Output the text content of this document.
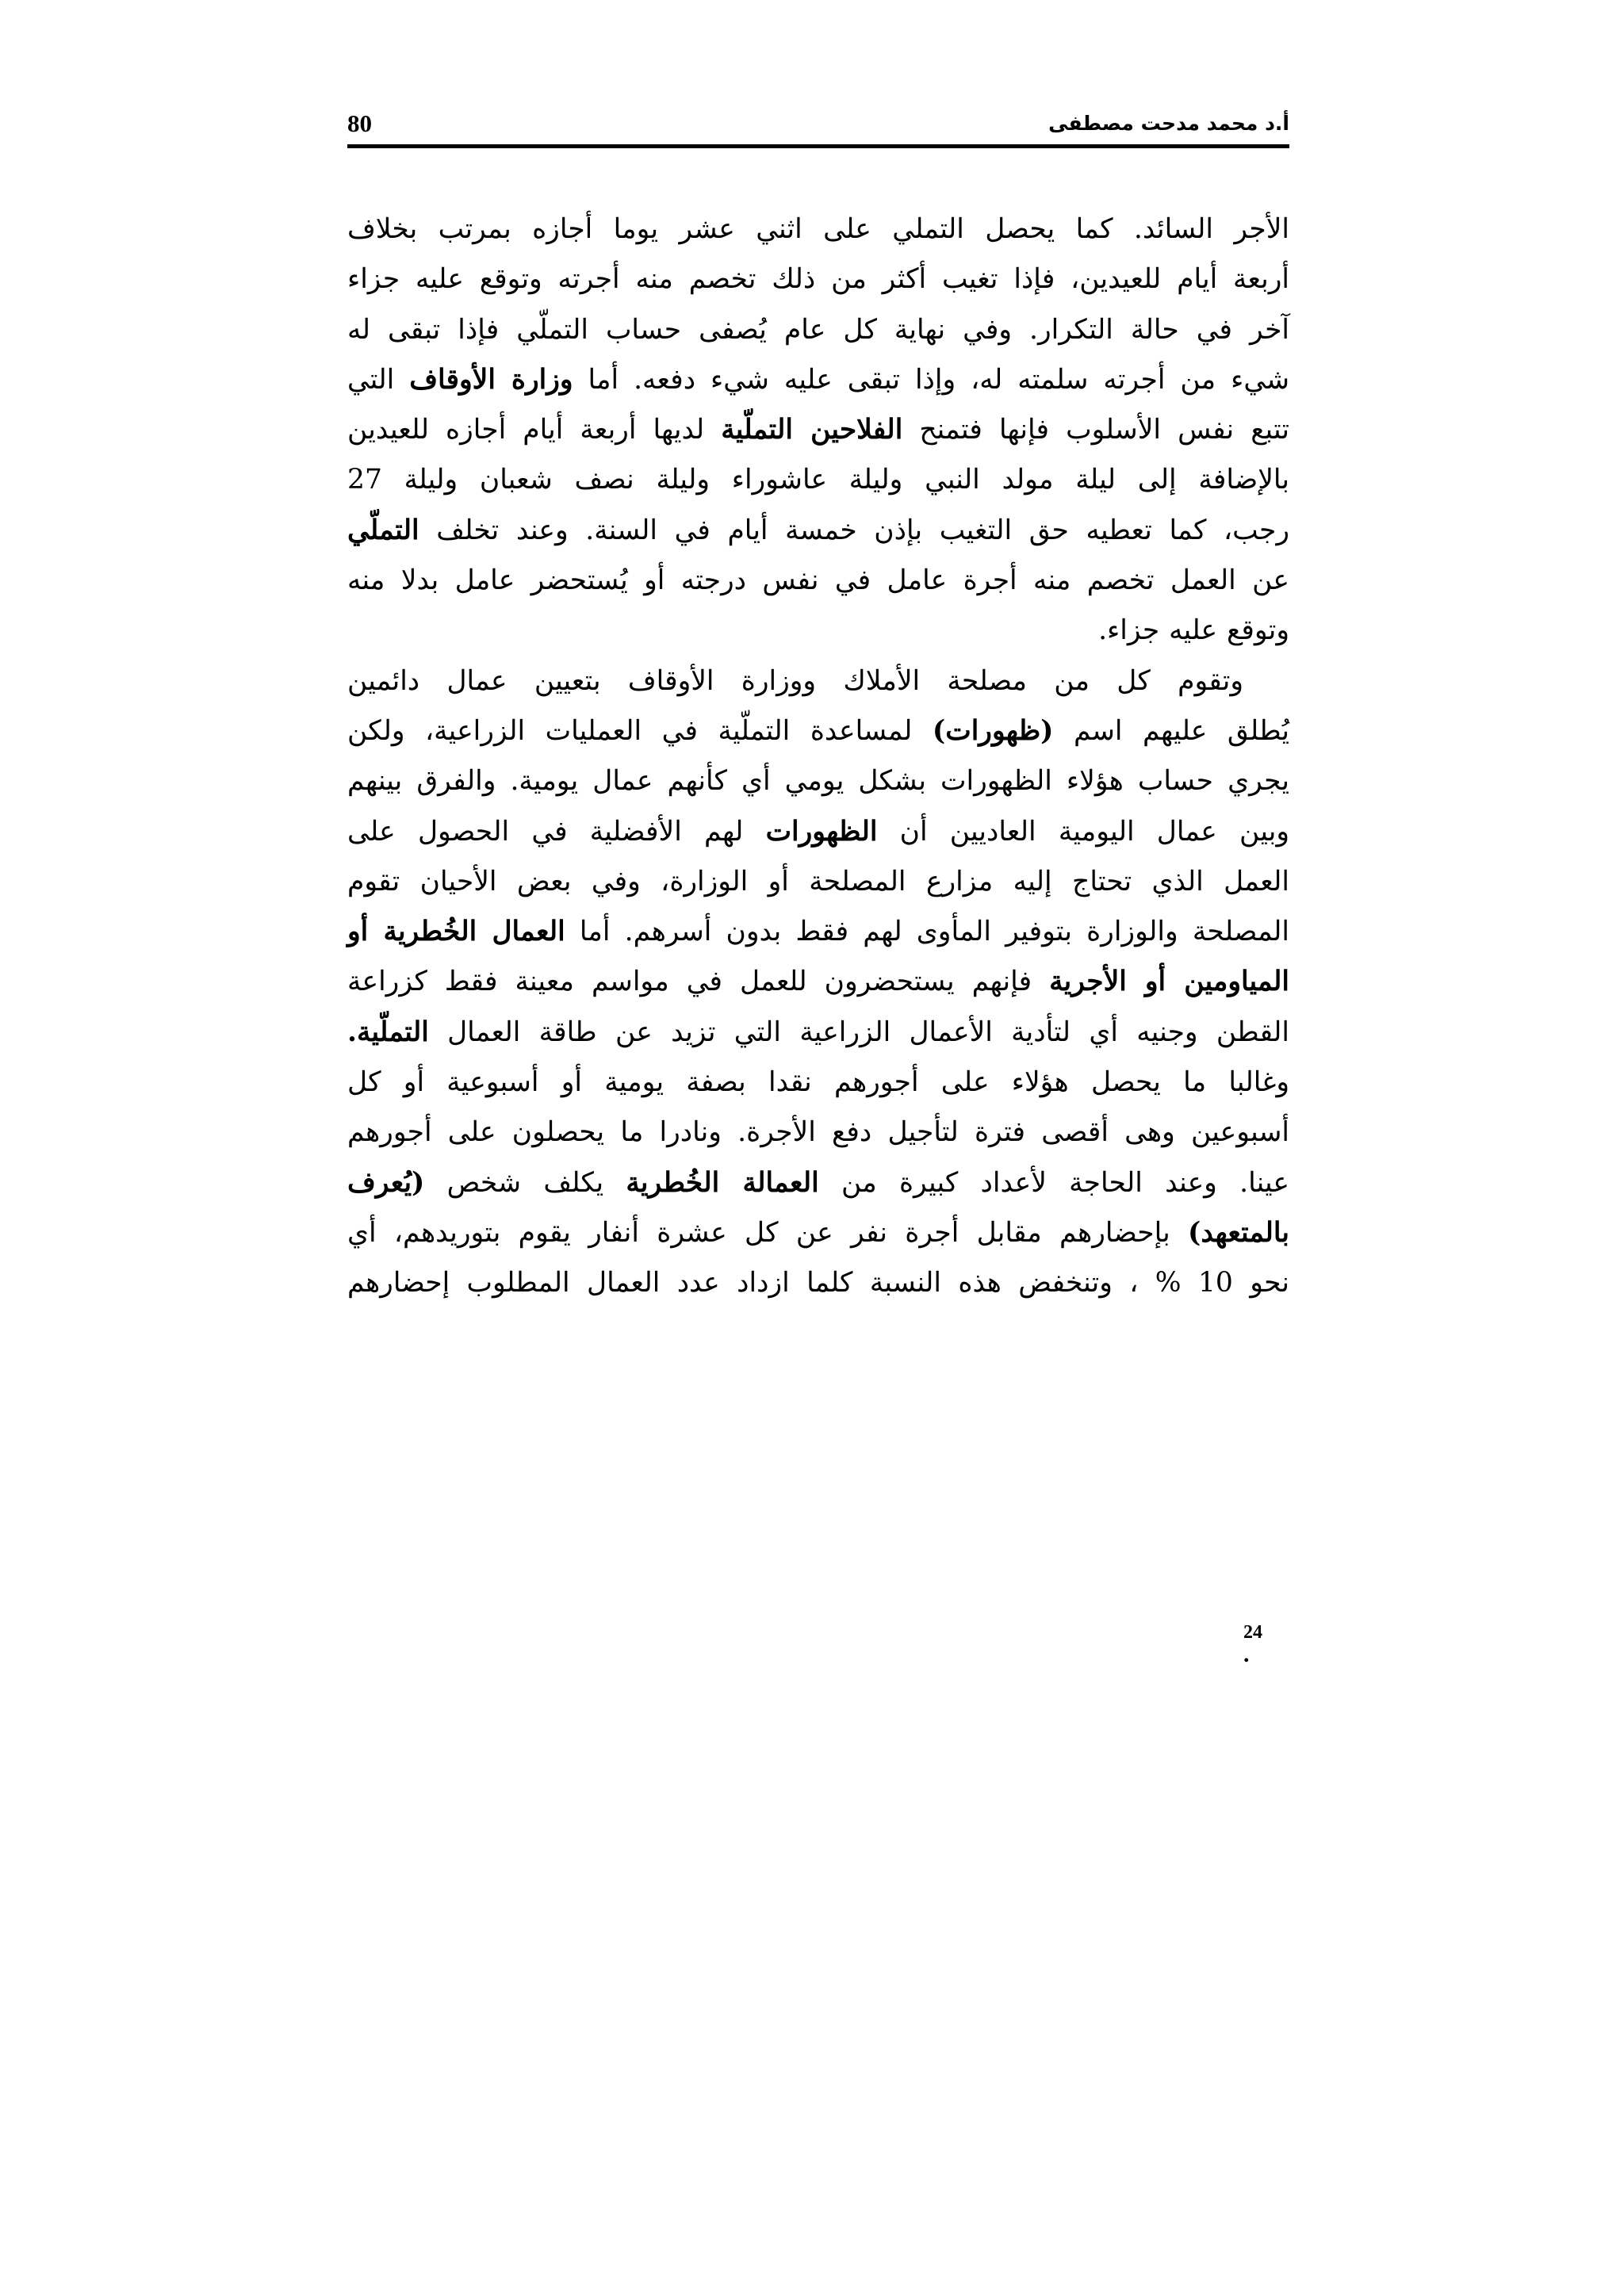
80	أ.د محمد مدحت مصطفى
الأجر السائد. كما يحصل التملي على اثني عشر يوما أجازه بمرتب بخلاف
أربعة أيام للعيدين، فإذا تغيب أكثر من ذلك تخصم منه أجرته وتوقع عليه جزاء
آخر في حالة التكرار. وفي نهاية كل عام يُصفى حساب التملّي فإذا تبقى له
شيء من أجرته سلمته له، وإذا تبقى عليه شيء دفعه. أما وزارة الأوقاف التي
تتبع نفس الأسلوب فإنها فتمنح الفلاحين التملّية لديها أربعة أيام أجازه للعيدين
بالإضافة إلى ليلة مولد النبي وليلة عاشوراء وليلة نصف شعبان وليلة 27
رجب، كما تعطيه حق التغيب بإذن خمسة أيام في السنة. وعند تخلف التملّي
عن العمل تخصم منه أجرة عامل في نفس درجته أو يُستحضر عامل بدلا منه
وتوقع عليه جزاء.
وتقوم كل من مصلحة الأملاك ووزارة الأوقاف بتعيين عمال دائمين
يُطلق عليهم اسم (ظهورات) لمساعدة التملّية في العمليات الزراعية، ولكن
يجري حساب هؤلاء الظهورات بشكل يومي أي كأنهم عمال يومية. والفرق بينهم
وبين عمال اليومية العاديين أن الظهورات لهم الأفضلية في الحصول على
العمل الذي تحتاج إليه مزارع المصلحة أو الوزارة، وفي بعض الأحيان تقوم
المصلحة والوزارة بتوفير المأوى لهم فقط بدون أسرهم. أما العمال الخُطرية أو
المياومين أو الأجرية فإنهم يستحضرون للعمل في مواسم معينة فقط كزراعة
القطن وجنيه أي لتأدية الأعمال الزراعية التي تزيد عن طاقة العمال التملّية.
وغالبا ما يحصل هؤلاء على أجورهم نقدا بصفة يومية أو أسبوعية أو كل
أسبوعين وهى أقصى فترة لتأجيل دفع الأجرة. ونادرا ما يحصلون على أجورهم
عينا. وعند الحاجة لأعداد كبيرة من العمالة الخُطرية يكلف شخص (يُعرف
بالمتعهد) بإحضارهم مقابل أجرة نفر عن كل عشرة أنفار يقوم بتوريدهم، أي
نحو 10 % ، وتنخفض هذه النسبة كلما ازداد عدد العمال المطلوب إحضارهم
24
.
